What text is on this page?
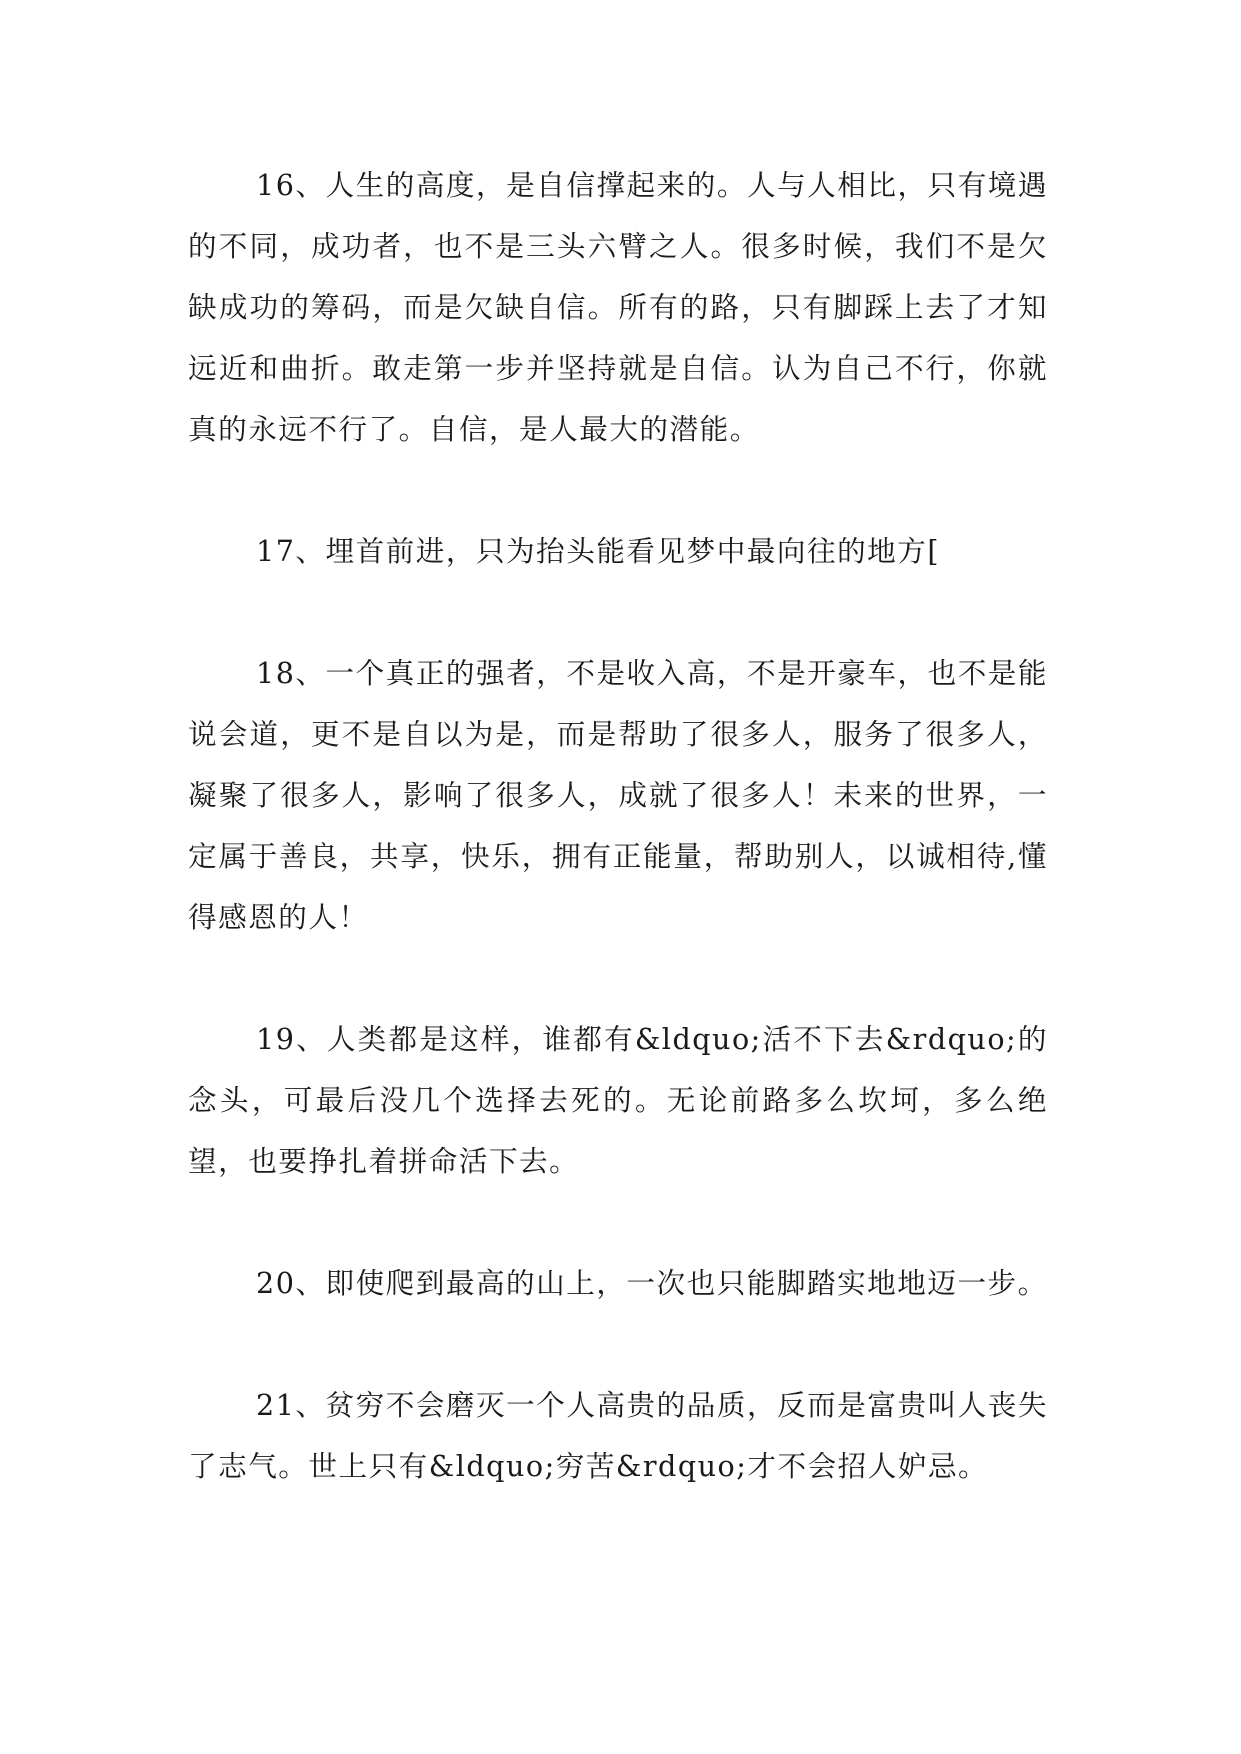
16、人生的高度，是自信撑起来的。人与人相比，只有境遇的不同，成功者，也不是三头六臂之人。很多时候，我们不是欠缺成功的筹码，而是欠缺自信。所有的路，只有脚踩上去了才知远近和曲折。敢走第一步并坚持就是自信。认为自己不行，你就真的永远不行了。自信，是人最大的潜能。

17、埋首前进，只为抬头能看见梦中最向往的地方[

18、一个真正的强者，不是收入高，不是开豪车，也不是能说会道，更不是自以为是，而是帮助了很多人，服务了很多人，凝聚了很多人，影响了很多人，成就了很多人！未来的世界，一定属于善良，共享，快乐，拥有正能量，帮助别人，以诚相待,懂得感恩的人！

19、人类都是这样，谁都有&ldquo;活不下去&rdquo;的念头，可最后没几个选择去死的。无论前路多么坎坷，多么绝望，也要挣扎着拼命活下去。

20、即使爬到最高的山上，一次也只能脚踏实地地迈一步。

21、贫穷不会磨灭一个人高贵的品质，反而是富贵叫人丧失了志气。世上只有&ldquo;穷苦&rdquo;才不会招人妒忌。
